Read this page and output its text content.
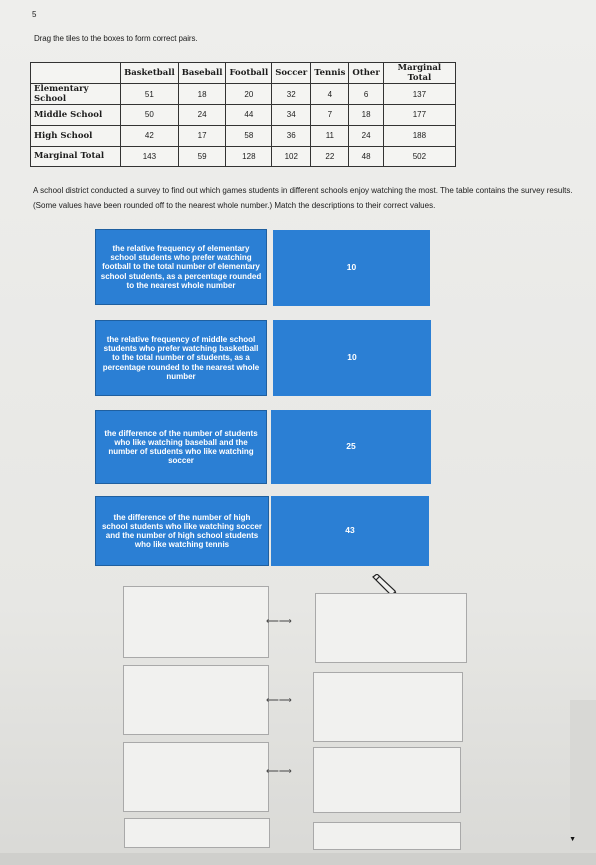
5
Drag the tiles to the boxes to form correct pairs.
	Basketball	Baseball	Football	Soccer	Tennis	Other	Marginal Total
Elementary School	51	18	20	32	4	6	137
Middle School	50	24	44	34	7	18	177
High School	42	17	58	36	11	24	188
Marginal Total	143	59	128	102	22	48	502
A school district conducted a survey to find out which games students in different schools enjoy watching the most. The table contains the survey results. (Some values have been rounded off to the nearest whole number.) Match the descriptions to their correct values.
the relative frequency of elementary school students who prefer watching football to the total number of elementary school students, as a percentage rounded to the nearest whole number
the relative frequency of middle school students who prefer watching basketball to the total number of students, as a percentage rounded to the nearest whole number
the difference of the number of students who like watching baseball and the number of students who like watching soccer
the difference of the number of high school students who like watching soccer and the number of high school students who like watching tennis
10
10
25
43
⟵⟶
⟵⟶
⟵⟶
▼
